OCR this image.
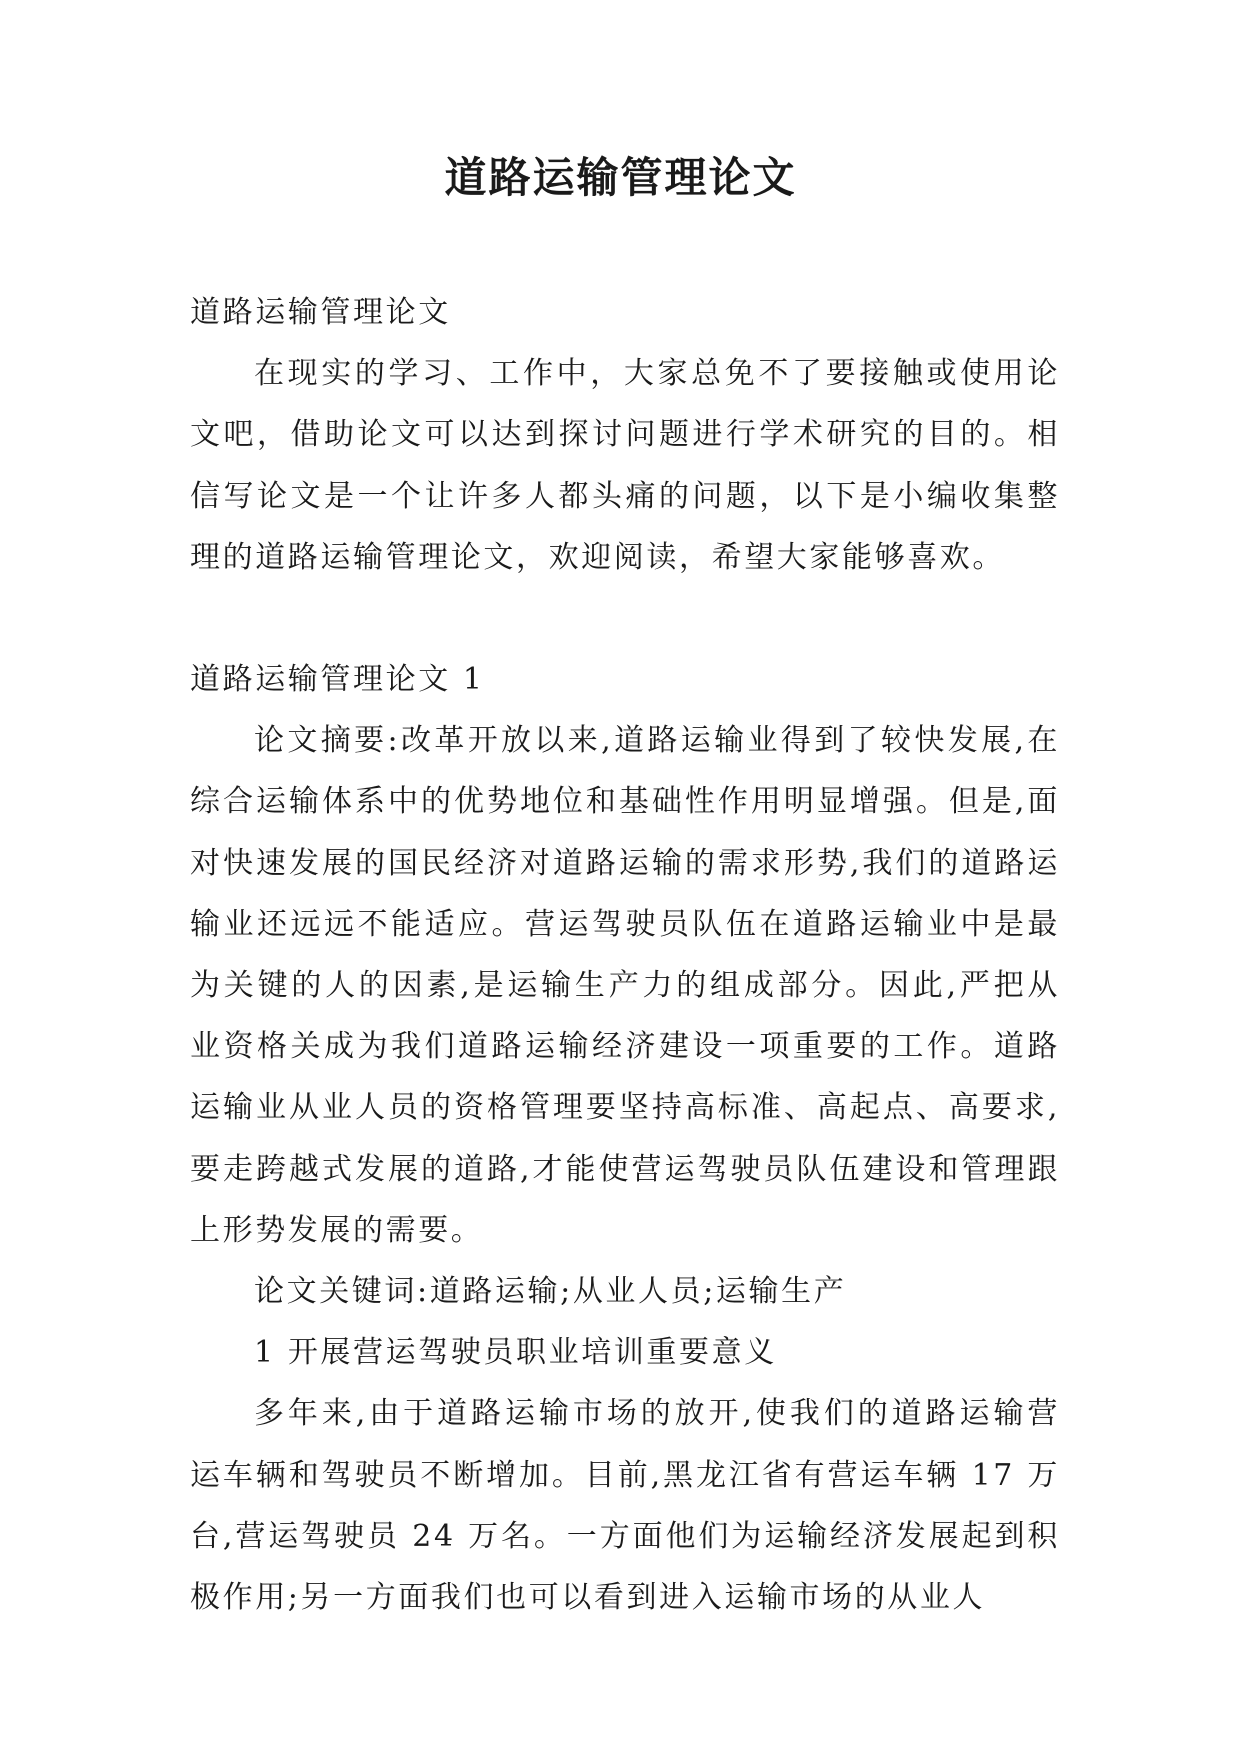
道路运输管理论文

道路运输管理论文

在现实的学习、工作中，大家总免不了要接触或使用论文吧，借助论文可以达到探讨问题进行学术研究的目的。相信写论文是一个让许多人都头痛的问题，以下是小编收集整理的道路运输管理论文，欢迎阅读，希望大家能够喜欢。

道路运输管理论文 1

论文摘要:改革开放以来,道路运输业得到了较快发展,在综合运输体系中的优势地位和基础性作用明显增强。但是,面对快速发展的国民经济对道路运输的需求形势,我们的道路运输业还远远不能适应。营运驾驶员队伍在道路运输业中是最为关键的人的因素,是运输生产力的组成部分。因此,严把从业资格关成为我们道路运输经济建设一项重要的工作。道路运输业从业人员的资格管理要坚持高标准、高起点、高要求,要走跨越式发展的道路,才能使营运驾驶员队伍建设和管理跟上形势发展的需要。

论文关键词:道路运输;从业人员;运输生产

1 开展营运驾驶员职业培训重要意义

多年来,由于道路运输市场的放开,使我们的道路运输营运车辆和驾驶员不断增加。目前,黑龙江省有营运车辆 17 万台,营运驾驶员 24 万名。一方面他们为运输经济发展起到积极作用;另一方面我们也可以看到进入运输市场的从业人
